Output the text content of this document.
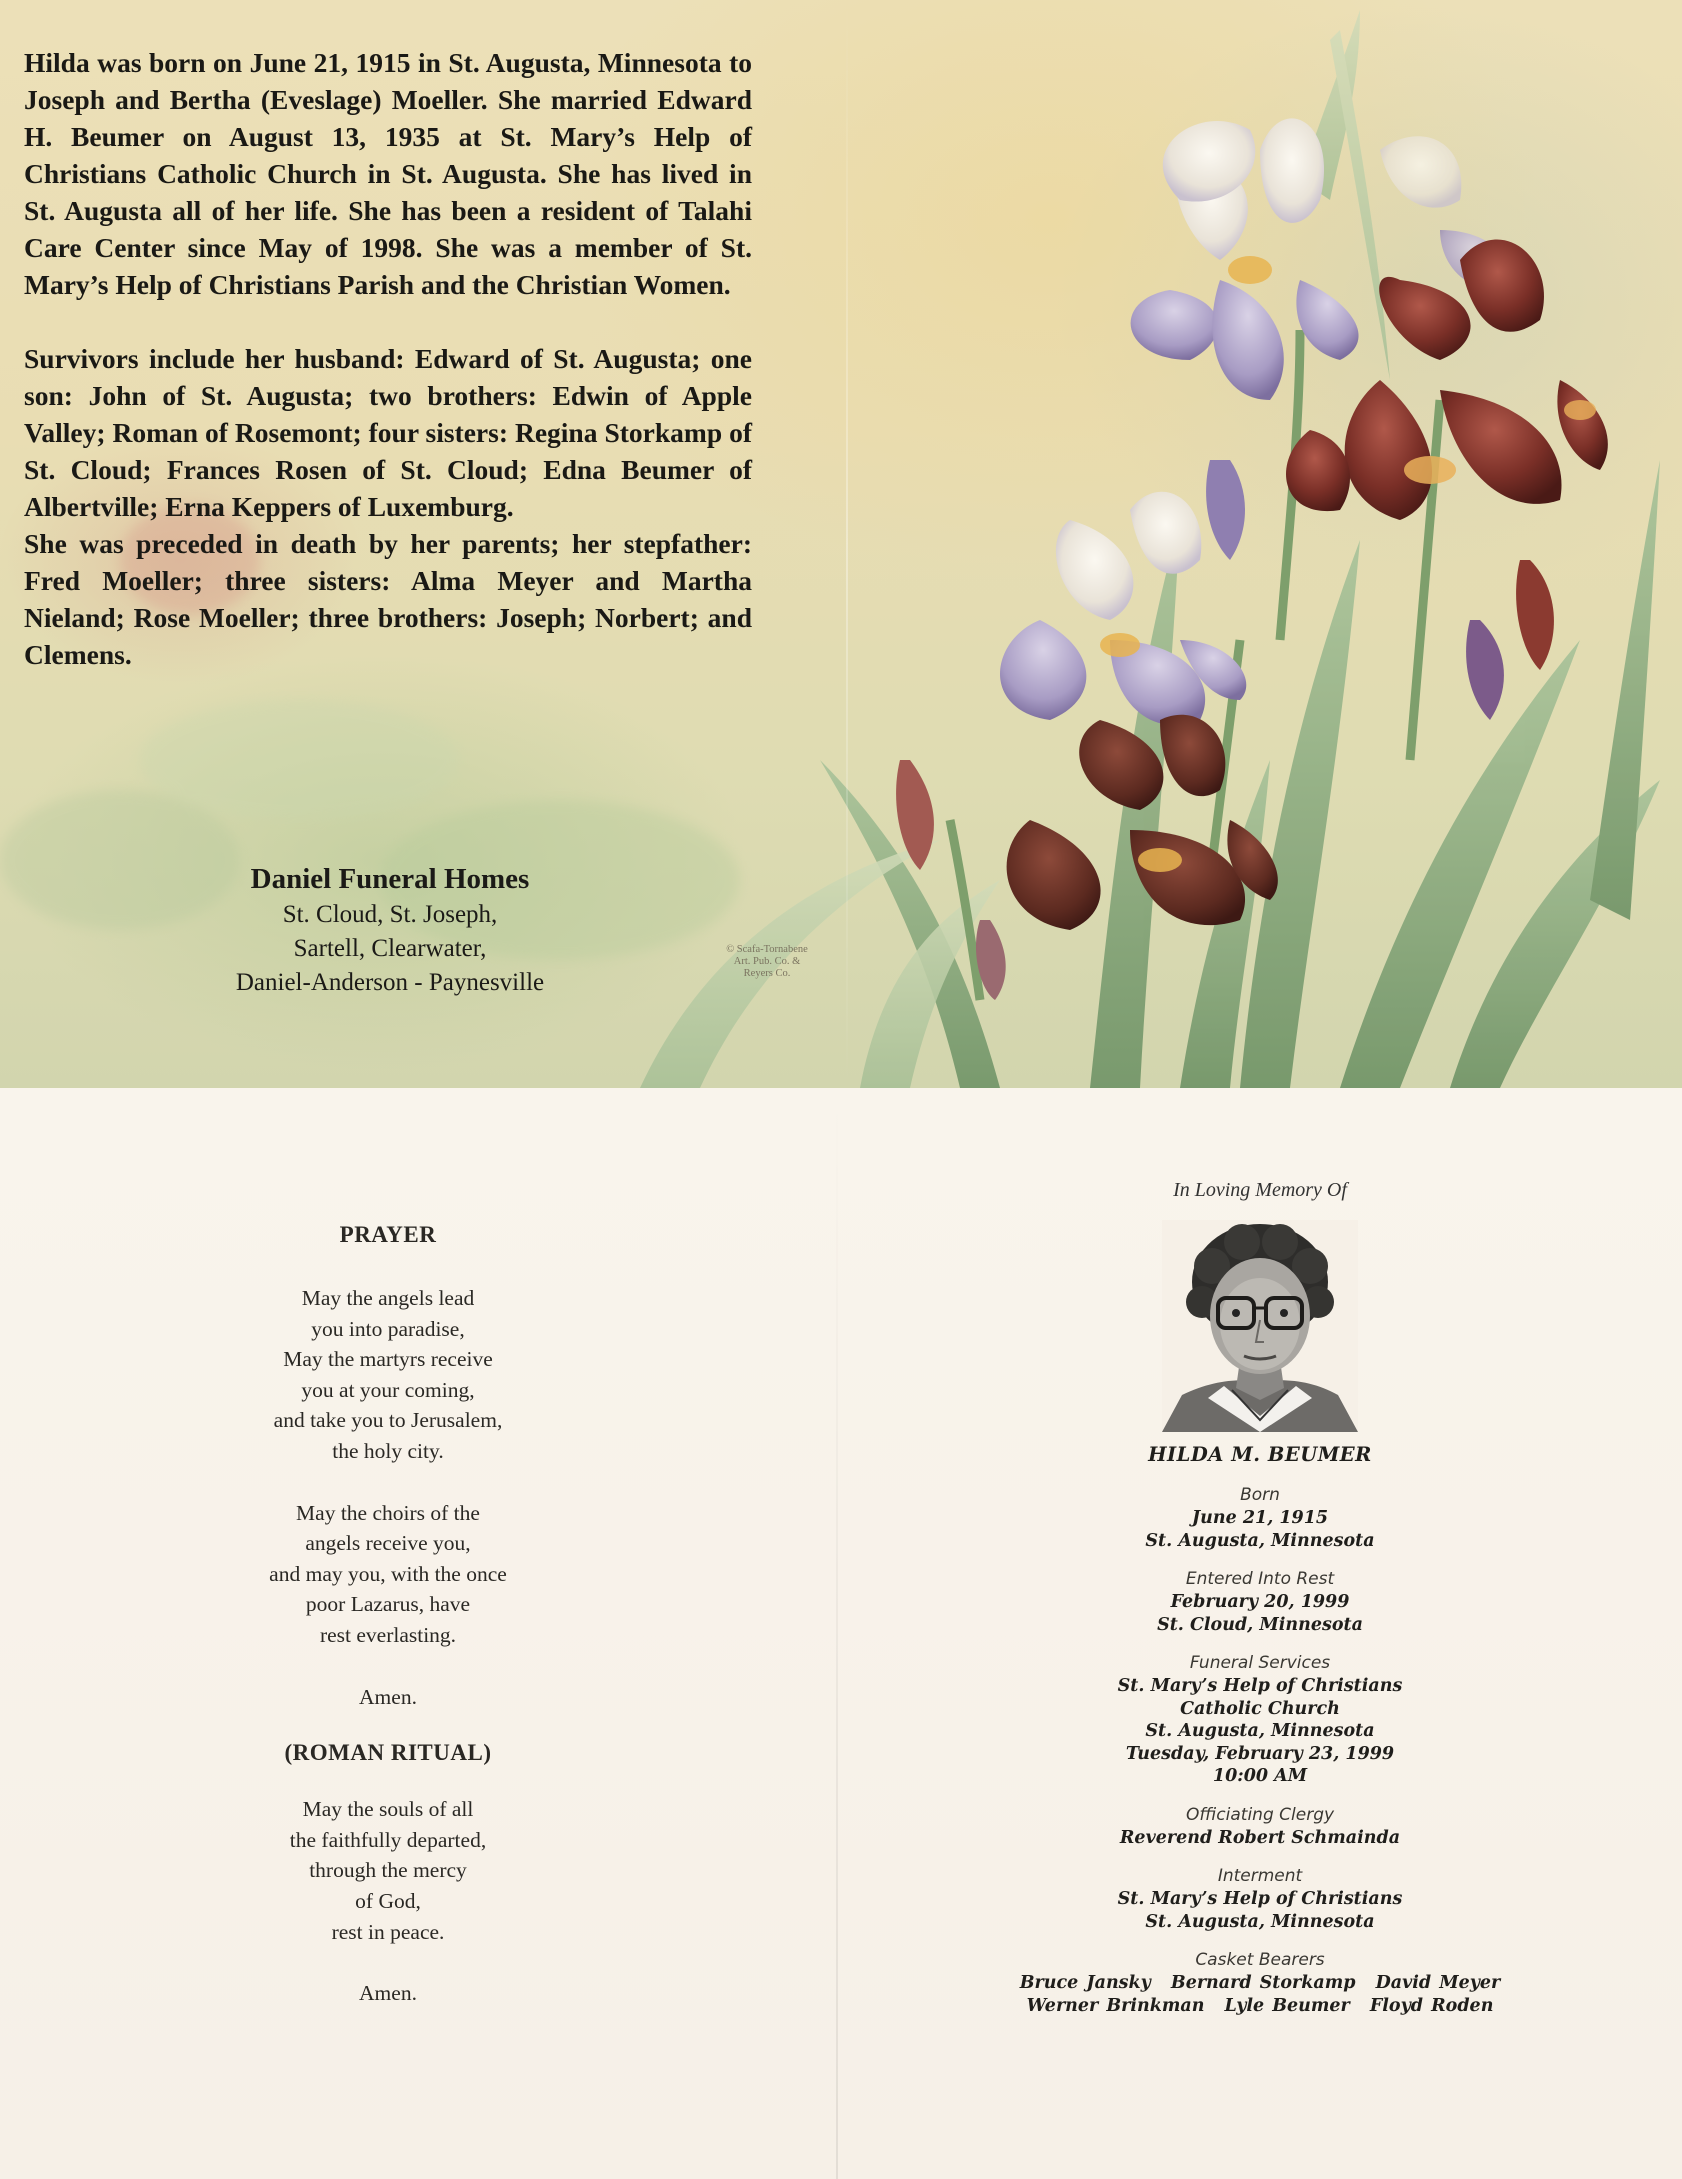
Hilda was born on June 21, 1915 in St. Augusta, Minnesota to Joseph and Bertha (Eveslage) Moeller. She married Edward H. Beumer on August 13, 1935 at St. Mary’s Help of Christians Catholic Church in St. Augusta. She has lived in St. Augusta all of her life. She has been a resident of Talahi Care Center since May of 1998. She was a member of St. Mary’s Help of Christians Parish and the Christian Women.

Survivors include her husband: Edward of St. Augusta; one son: John of St. Augusta; two brothers: Edwin of Apple Valley; Roman of Rosemont; four sisters: Regina Storkamp of St. Cloud; Frances Rosen of St. Cloud; Edna Beumer of Albertville; Erna Keppers of Luxemburg.

She was preceded in death by her parents; her stepfather: Fred Moeller; three sisters: Alma Meyer and Martha Nieland; Rose Moeller; three brothers: Joseph; Norbert; and Clemens.

Daniel Funeral Homes
St. Cloud, St. Joseph,
Sartell, Clearwater,
Daniel-Anderson - Paynesville
© Scafa-Tornabene
Art. Pub. Co. &
Reyers Co.
PRAYER
May the angels lead
you into paradise,
May the martyrs receive
you at your coming,
and take you to Jerusalem,
the holy city.
May the choirs of the
angels receive you,
and may you, with the once
poor Lazarus, have
rest everlasting.
Amen.
(ROMAN RITUAL)
May the souls of all
the faithfully departed,
through the mercy
of God,
rest in peace.
Amen.
In Loving Memory Of
HILDA M. BEUMER
Born
June 21, 1915
St. Augusta, Minnesota
Entered Into Rest
February 20, 1999
St. Cloud, Minnesota
Funeral Services
St. Mary’s Help of Christians
Catholic Church
St. Augusta, Minnesota
Tuesday, February 23, 1999
10:00 AM
Officiating Clergy
Reverend Robert Schmainda
Interment
St. Mary’s Help of Christians
St. Augusta, Minnesota
Casket Bearers
Bruce Jansky Bernard Storkamp David Meyer
Werner Brinkman Lyle Beumer Floyd Roden
